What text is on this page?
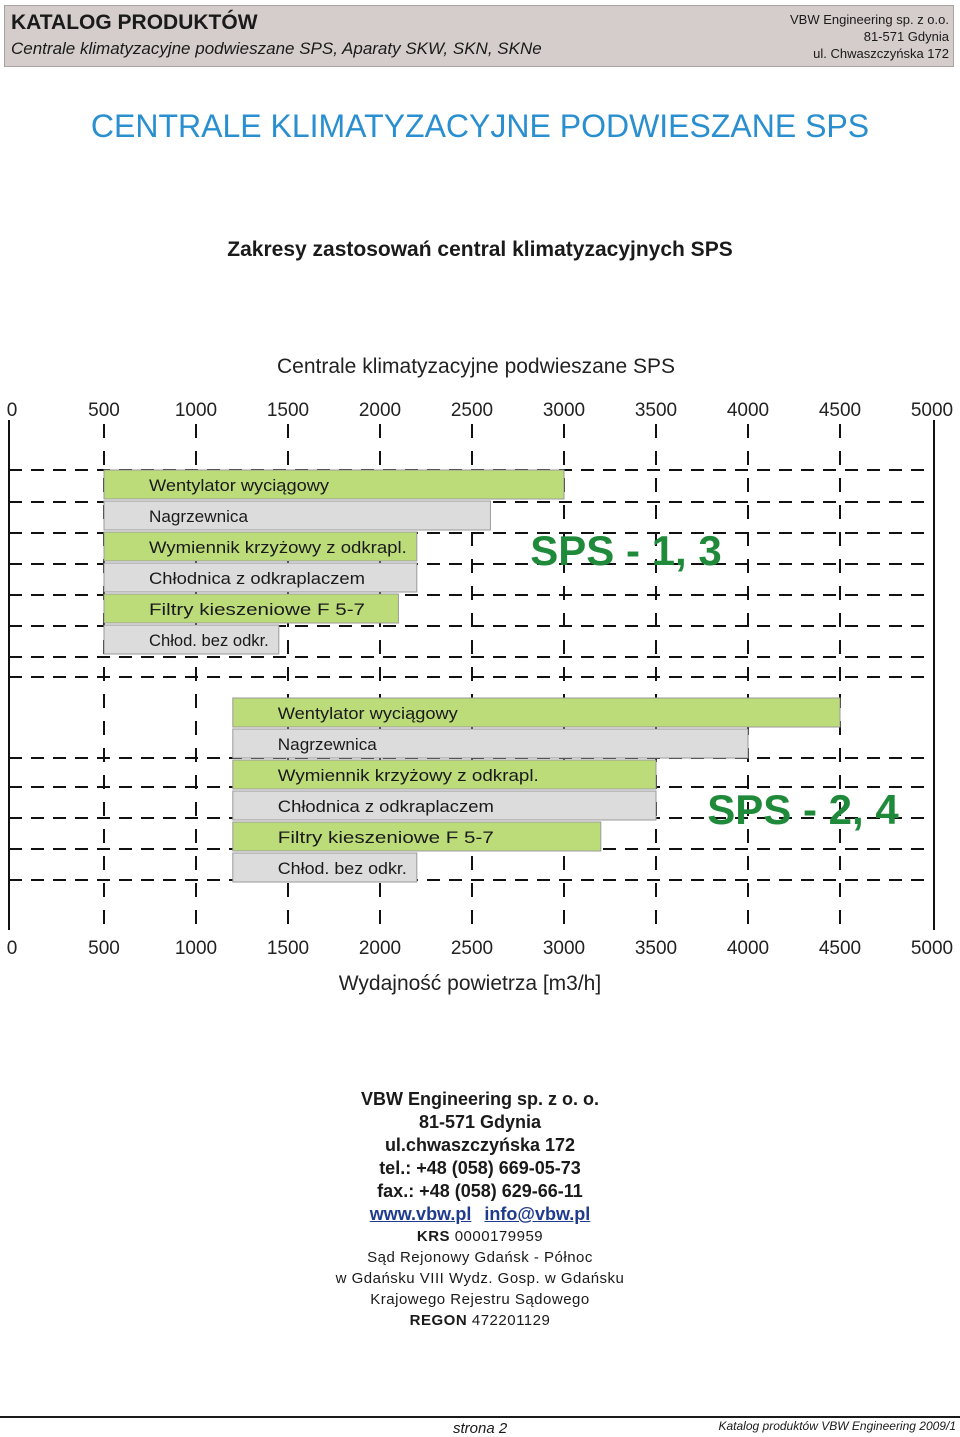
KATALOG PRODUKTÓW
Centrale klimatyzacyjne podwieszane SPS, Aparaty SKW, SKN, SKNe
VBW Engineering sp. z o.o.
81-571 Gdynia
ul. Chwaszczyńska 172
CENTRALE KLIMATYZACYJNE PODWIESZANE SPS
Zakresy zastosowań central klimatyzacyjnych SPS
Centrale klimatyzacyjne podwieszane SPS
0
0
500
500
1000
1000
1500
1500
2000
2000
2500
2500
3000
3000
3500
3500
4000
4000
4500
4500
5000
5000
Wydajność powietrza [m3/h]
Wentylator wyciągowy
Nagrzewnica
Wymiennik krzyżowy z odkrapl.
Chłodnica z odkraplaczem
Filtry kieszeniowe F 5-7
Chłod. bez odkr.
SPS - 1, 3
Wentylator wyciągowy
Nagrzewnica
Wymiennik krzyżowy z odkrapl.
Chłodnica z odkraplaczem
Filtry kieszeniowe F 5-7
Chłod. bez odkr.
SPS - 2, 4
VBW Engineering sp. z o. o.
81-571 Gdynia
ul.chwaszczyńska 172
tel.: +48 (058) 669-05-73
fax.: +48 (058) 629-66-11
www.vbw.pl info@vbw.pl
KRS 0000179959
Sąd Rejonowy Gdańsk - Północ
w Gdańsku VIII Wydz. Gosp. w Gdańsku
Krajowego Rejestru Sądowego
REGON 472201129
strona 2	Katalog produktów VBW Engineering 2009/1
